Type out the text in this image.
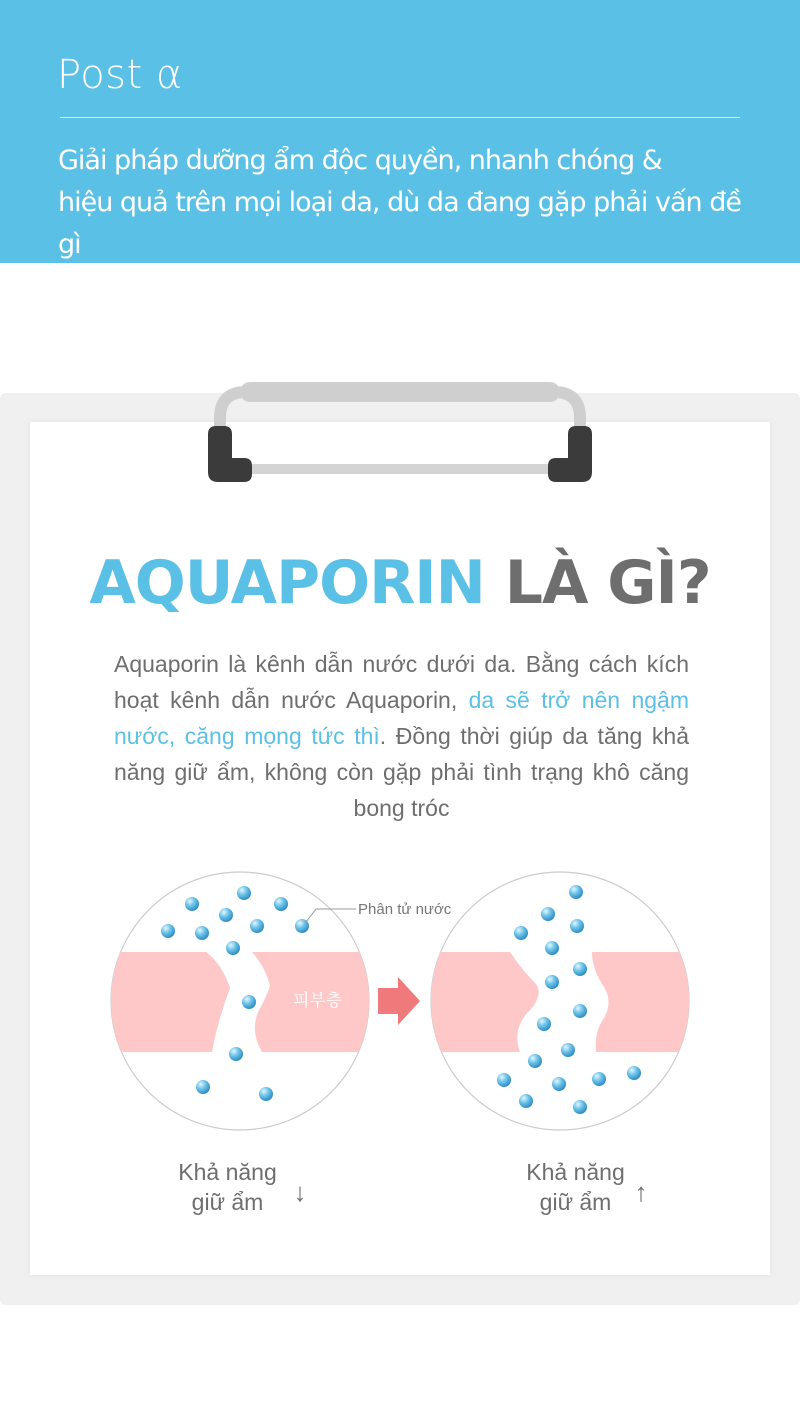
Post α
Giải pháp dưỡng ẩm độc quyền, nhanh chóng &
hiệu quả trên mọi loại da, dù da đang gặp phải vấn đề gì
AQUAPORIN LÀ GÌ?
Aquaporin là kênh dẫn nước dưới da. Bằng cách kích hoạt kênh dẫn nước Aquaporin, da sẽ trở nên ngậm nước, căng mọng tức thì. Đồng thời giúp da tăng khả năng giữ ẩm, không còn gặp phải tình trạng khô căng bong tróc
Phân tử nước
피부층
Khả năng
giữ ẩm	↓
Khả năng
giữ ẩm ↑
